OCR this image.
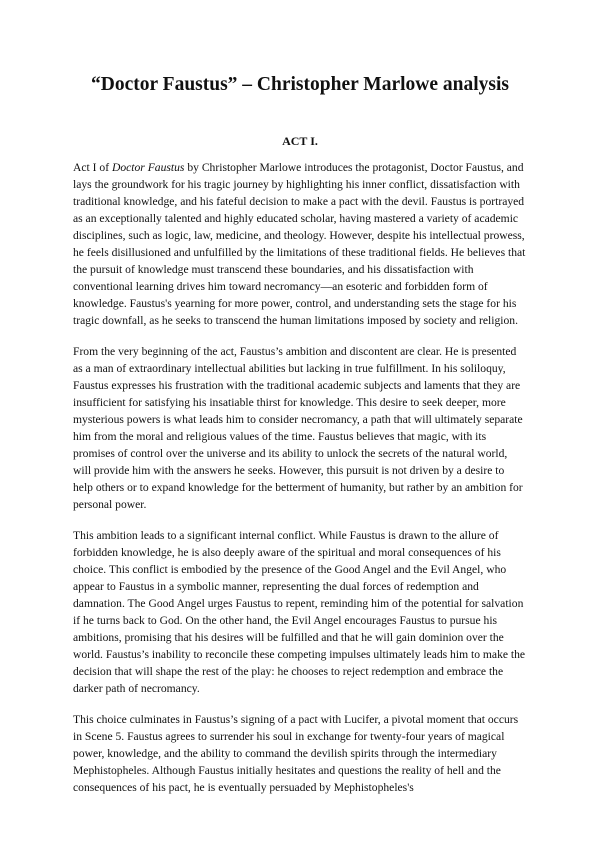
“Doctor Faustus” – Christopher Marlowe analysis
ACT I.

Act I of Doctor Faustus by Christopher Marlowe introduces the protagonist, Doctor Faustus, and lays the groundwork for his tragic journey by highlighting his inner conflict, dissatisfaction with traditional knowledge, and his fateful decision to make a pact with the devil. Faustus is portrayed as an exceptionally talented and highly educated scholar, having mastered a variety of academic disciplines, such as logic, law, medicine, and theology. However, despite his intellectual prowess, he feels disillusioned and unfulfilled by the limitations of these traditional fields. He believes that the pursuit of knowledge must transcend these boundaries, and his dissatisfaction with conventional learning drives him toward necromancy—an esoteric and forbidden form of knowledge. Faustus's yearning for more power, control, and understanding sets the stage for his tragic downfall, as he seeks to transcend the human limitations imposed by society and religion.

From the very beginning of the act, Faustus’s ambition and discontent are clear. He is presented as a man of extraordinary intellectual abilities but lacking in true fulfillment. In his soliloquy, Faustus expresses his frustration with the traditional academic subjects and laments that they are insufficient for satisfying his insatiable thirst for knowledge. This desire to seek deeper, more mysterious powers is what leads him to consider necromancy, a path that will ultimately separate him from the moral and religious values of the time. Faustus believes that magic, with its promises of control over the universe and its ability to unlock the secrets of the natural world, will provide him with the answers he seeks. However, this pursuit is not driven by a desire to help others or to expand knowledge for the betterment of humanity, but rather by an ambition for personal power.

This ambition leads to a significant internal conflict. While Faustus is drawn to the allure of forbidden knowledge, he is also deeply aware of the spiritual and moral consequences of his choice. This conflict is embodied by the presence of the Good Angel and the Evil Angel, who appear to Faustus in a symbolic manner, representing the dual forces of redemption and damnation. The Good Angel urges Faustus to repent, reminding him of the potential for salvation if he turns back to God. On the other hand, the Evil Angel encourages Faustus to pursue his ambitions, promising that his desires will be fulfilled and that he will gain dominion over the world. Faustus’s inability to reconcile these competing impulses ultimately leads him to make the decision that will shape the rest of the play: he chooses to reject redemption and embrace the darker path of necromancy.

This choice culminates in Faustus’s signing of a pact with Lucifer, a pivotal moment that occurs in Scene 5. Faustus agrees to surrender his soul in exchange for twenty-four years of magical power, knowledge, and the ability to command the devilish spirits through the intermediary Mephistopheles. Although Faustus initially hesitates and questions the reality of hell and the consequences of his pact, he is eventually persuaded by Mephistopheles's
